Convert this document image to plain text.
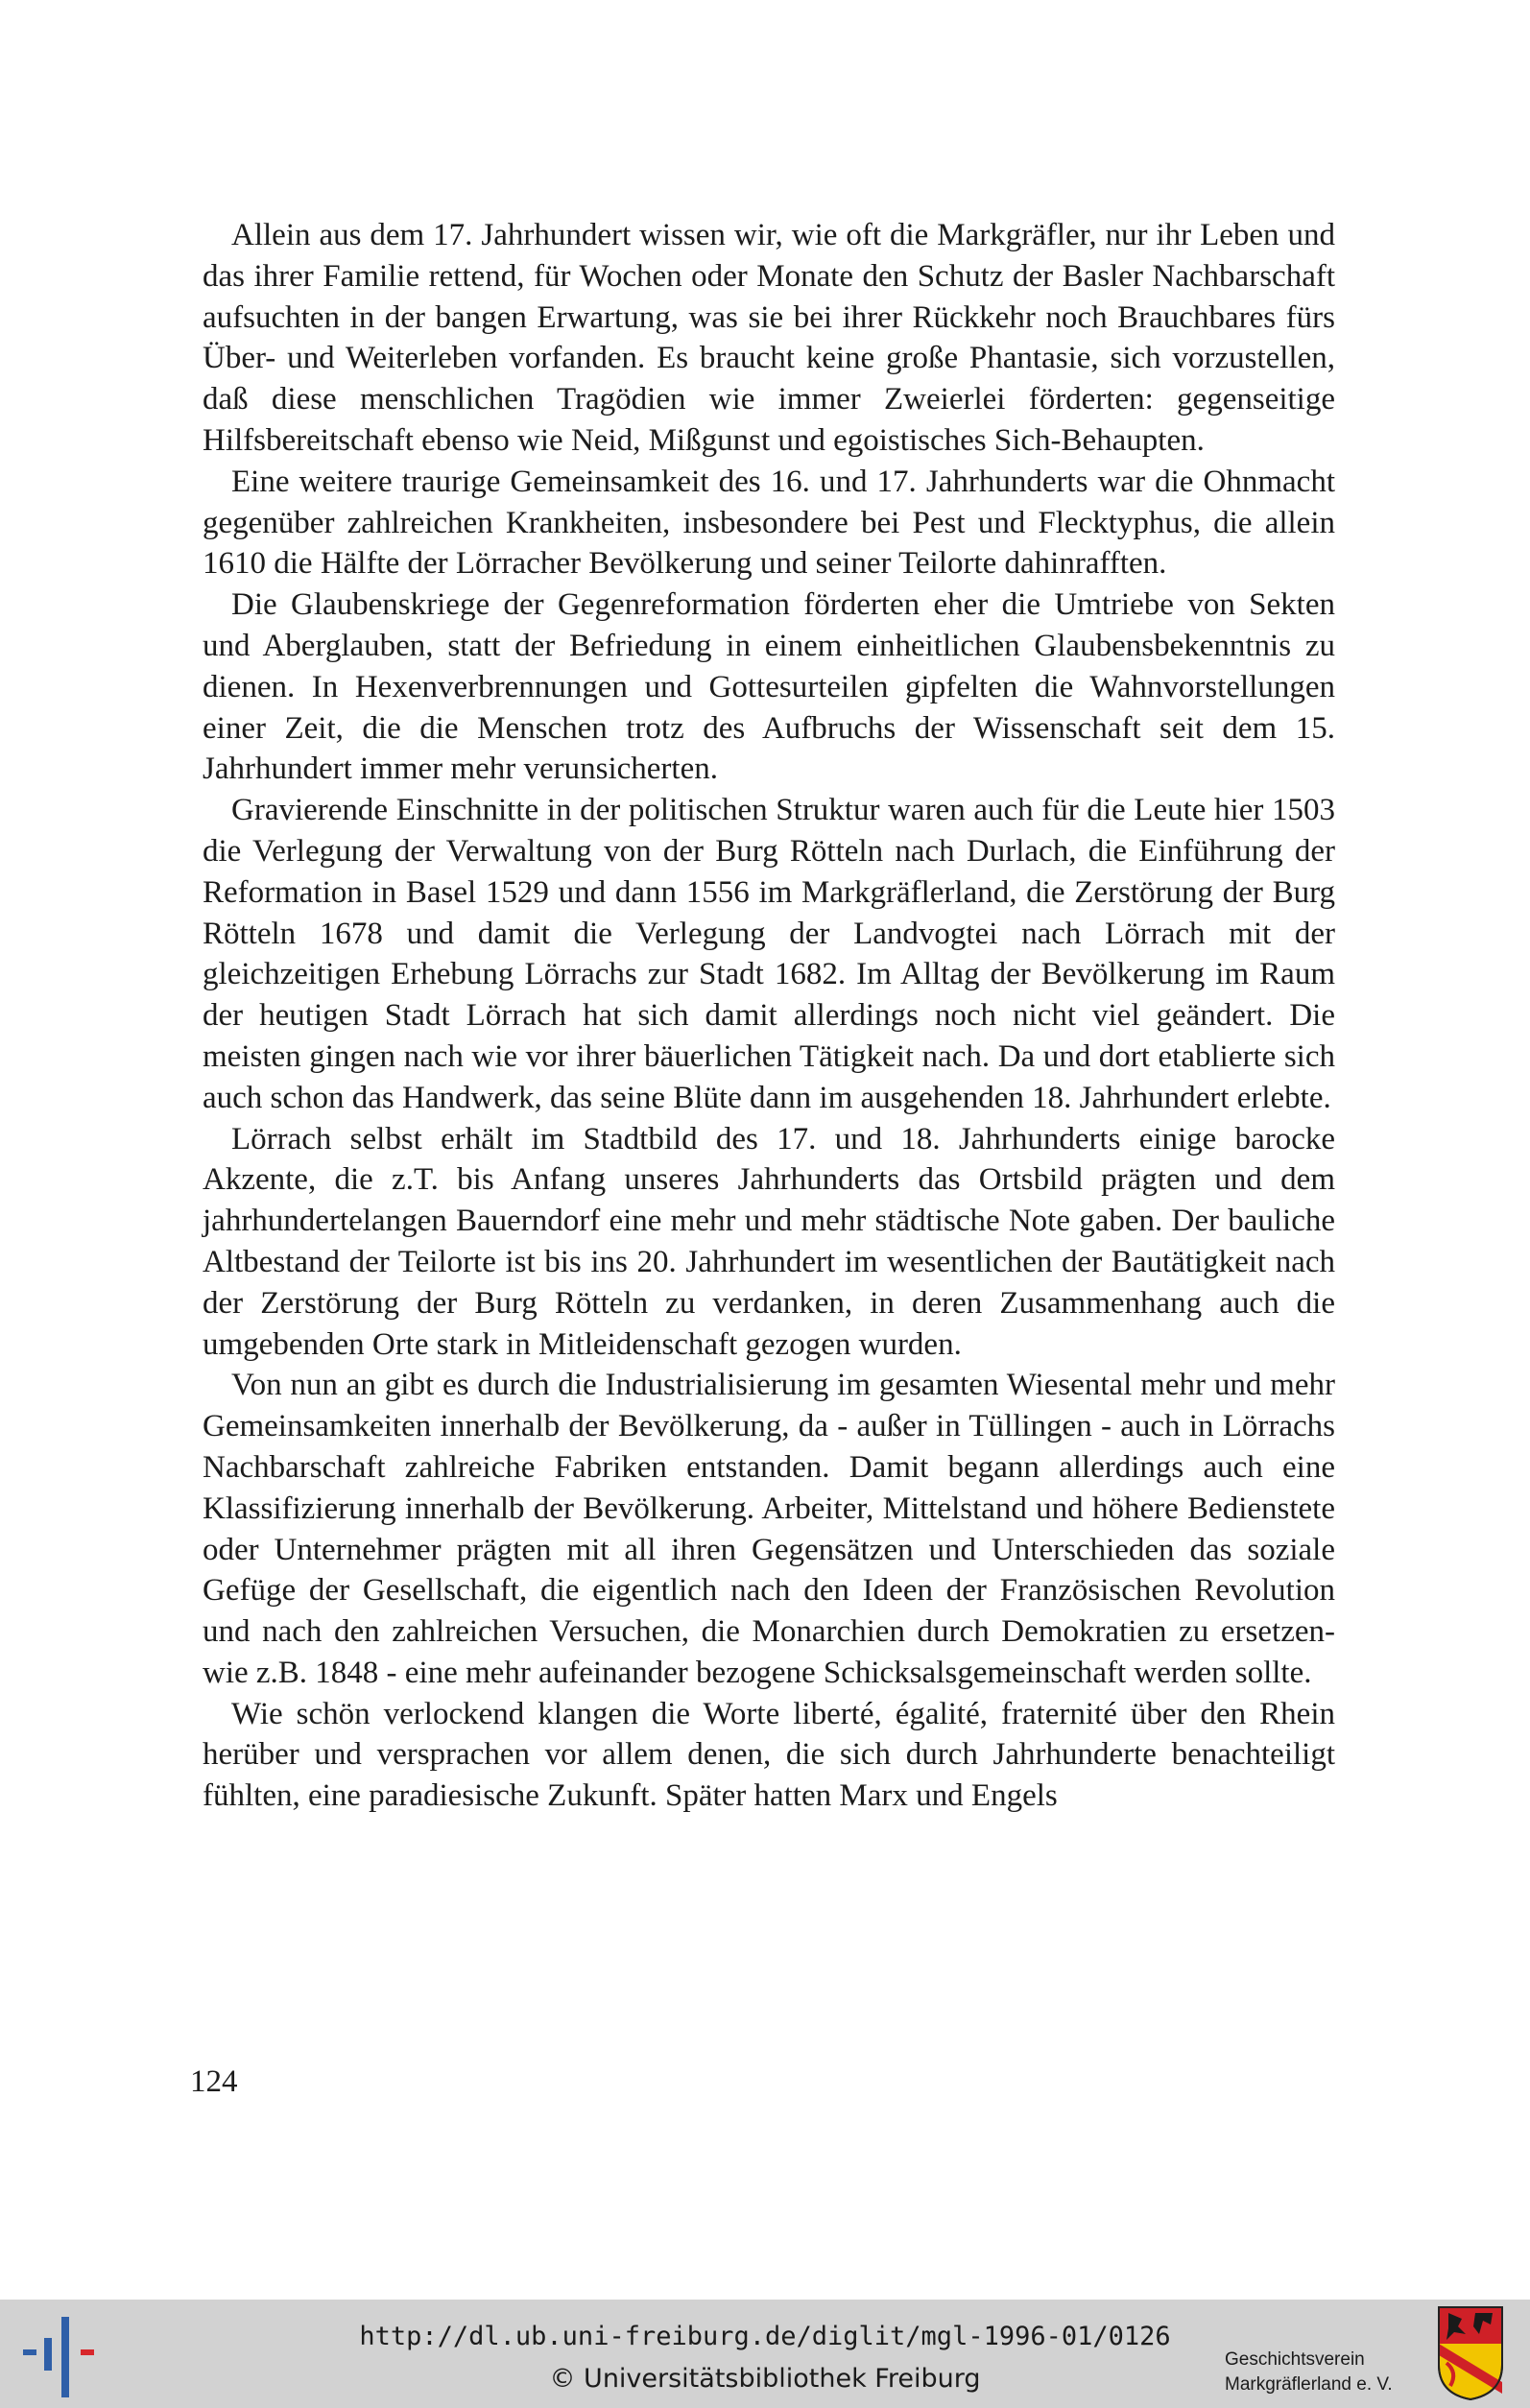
Allein aus dem 17. Jahrhundert wissen wir, wie oft die Markgräfler, nur ihr Leben und das ihrer Familie rettend, für Wochen oder Monate den Schutz der Basler Nachbarschaft aufsuchten in der bangen Erwartung, was sie bei ihrer Rückkehr noch Brauchbares fürs Über- und Weiterleben vorfanden. Es braucht keine große Phantasie, sich vorzustellen, daß diese menschlichen Tragödien wie immer Zweierlei förderten: gegenseitige Hilfsbereitschaft ebenso wie Neid, Mißgunst und egoistisches Sich-Behaupten.

Eine weitere traurige Gemeinsamkeit des 16. und 17. Jahrhunderts war die Ohnmacht gegenüber zahlreichen Krankheiten, insbesondere bei Pest und Flecktyphus, die allein 1610 die Hälfte der Lörracher Bevölkerung und seiner Teilorte dahinrafften.

Die Glaubenskriege der Gegenreformation förderten eher die Umtriebe von Sekten und Aberglauben, statt der Befriedung in einem einheitlichen Glaubensbekenntnis zu dienen. In Hexenverbrennungen und Gottesurteilen gipfelten die Wahnvorstellungen einer Zeit, die die Menschen trotz des Aufbruchs der Wissenschaft seit dem 15. Jahrhundert immer mehr verunsicherten.

Gravierende Einschnitte in der politischen Struktur waren auch für die Leute hier 1503 die Verlegung der Verwaltung von der Burg Rötteln nach Durlach, die Einführung der Reformation in Basel 1529 und dann 1556 im Markgräflerland, die Zerstörung der Burg Rötteln 1678 und damit die Verlegung der Landvogtei nach Lörrach mit der gleichzeitigen Erhebung Lörrachs zur Stadt 1682. Im Alltag der Bevölkerung im Raum der heutigen Stadt Lörrach hat sich damit allerdings noch nicht viel geändert. Die meisten gingen nach wie vor ihrer bäuerlichen Tätigkeit nach. Da und dort etablierte sich auch schon das Handwerk, das seine Blüte dann im ausgehenden 18. Jahrhundert erlebte.

Lörrach selbst erhält im Stadtbild des 17. und 18. Jahrhunderts einige barocke Akzente, die z.T. bis Anfang unseres Jahrhunderts das Ortsbild prägten und dem jahrhundertelangen Bauerndorf eine mehr und mehr städtische Note gaben. Der bauliche Altbestand der Teilorte ist bis ins 20. Jahrhundert im wesentlichen der Bautätigkeit nach der Zerstörung der Burg Rötteln zu verdanken, in deren Zusammenhang auch die umgebenden Orte stark in Mitleidenschaft gezogen wurden.

Von nun an gibt es durch die Industrialisierung im gesamten Wiesental mehr und mehr Gemeinsamkeiten innerhalb der Bevölkerung, da - außer in Tüllingen - auch in Lörrachs Nachbarschaft zahlreiche Fabriken entstanden. Damit begann allerdings auch eine Klassifizierung innerhalb der Bevölkerung. Arbeiter, Mittelstand und höhere Bedienstete oder Unternehmer prägten mit all ihren Gegensätzen und Unterschieden das soziale Gefüge der Gesellschaft, die eigentlich nach den Ideen der Französischen Revolution und nach den zahlreichen Versuchen, die Monarchien durch Demokratien zu ersetzen- wie z.B. 1848 - eine mehr aufeinander bezogene Schicksalsgemeinschaft werden sollte.

Wie schön verlockend klangen die Worte liberté, égalité, fraternité über den Rhein herüber und versprachen vor allem denen, die sich durch Jahrhunderte benachteiligt fühlten, eine paradiesische Zukunft. Später hatten Marx und Engels

124
http://dl.ub.uni-freiburg.de/diglit/mgl-1996-01/0126
© Universitätsbibliothek Freiburg
Geschichtsverein
Markgräflerland e. V.
